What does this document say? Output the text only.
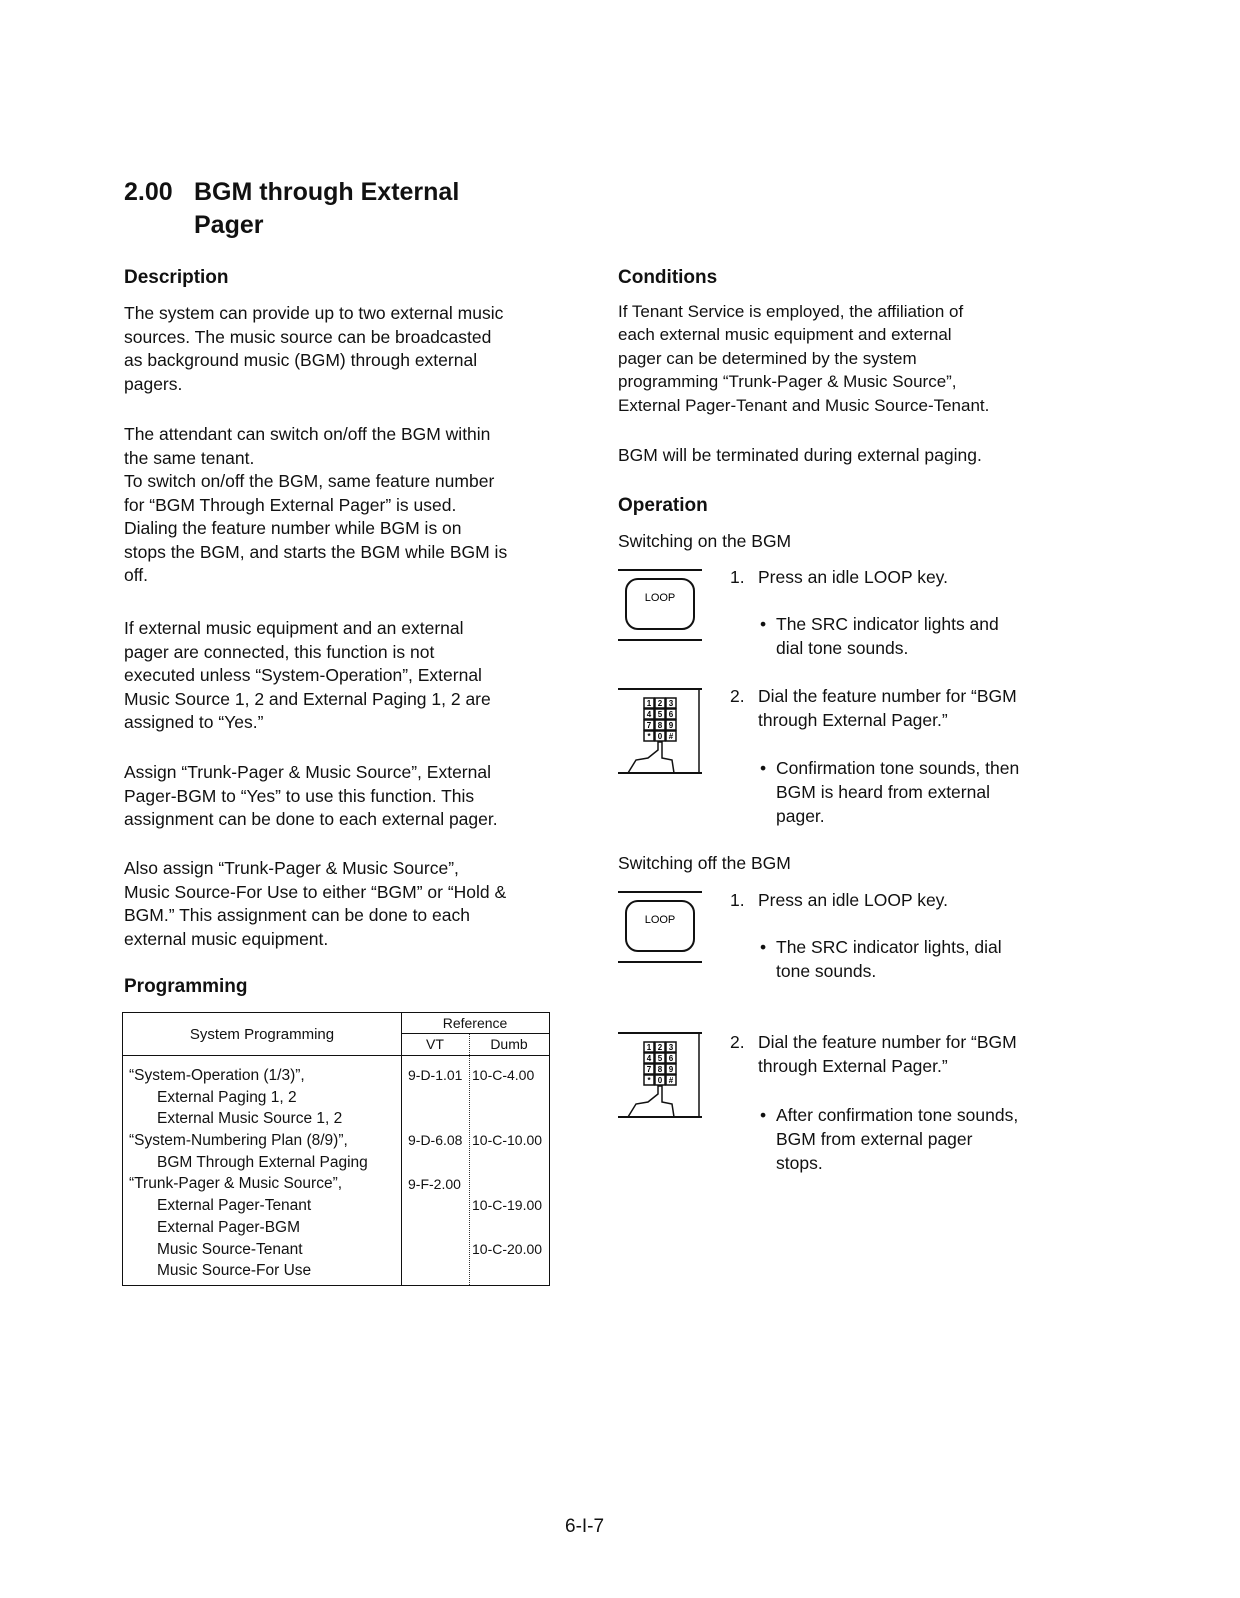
2.00 BGM through External
Pager
Description
The system can provide up to two external music
sources. The music source can be broadcasted
as background music (BGM) through external
pagers.
The attendant can switch on/off the BGM within
the same tenant.
To switch on/off the BGM, same feature number
for “BGM Through External Pager” is used.
Dialing the feature number while BGM is on
stops the BGM, and starts the BGM while BGM is
off.
If external music equipment and an external
pager are connected, this function is not
executed unless “System-Operation”, External
Music Source 1, 2 and External Paging 1, 2 are
assigned to “Yes.”
Assign “Trunk-Pager & Music Source”, External
Pager-BGM to “Yes” to use this function. This
assignment can be done to each external pager.
Also assign “Trunk-Pager & Music Source”,
Music Source-For Use to either “BGM” or “Hold &
BGM.” This assignment can be done to each
external music equipment.
Programming
System Programming
Reference
VT	Dumb
“System-Operation (1/3)”,
External Paging 1, 2
External Music Source 1, 2
“System-Numbering Plan (8/9)”,
BGM Through External Paging
“Trunk-Pager & Music Source”,
External Pager-Tenant
External Pager-BGM
Music Source-Tenant
Music Source-For Use
9-D-1.01 10-C-4.00
9-D-6.08 10-C-10.00
9-F-2.00
10-C-19.00
10-C-20.00
Conditions
If Tenant Service is employed, the affiliation of
each external music equipment and external
pager can be determined by the system
programming “Trunk-Pager & Music Source”,
External Pager-Tenant and Music Source-Tenant.
BGM will be terminated during external paging.
Operation
Switching on the BGM
LOOP
1. Press an idle LOOP key.
• The SRC indicator lights and
dial tone sounds.
1 2 3
4 5 6
7 8 9
* 0 #
2. Dial the feature number for “BGM
through External Pager.”
• Confirmation tone sounds, then
BGM is heard from external
pager.
Switching off the BGM
LOOP
1. Press an idle LOOP key.
• The SRC indicator lights, dial
tone sounds.
1 2 3
4 5 6
7 8 9
* 0 #
2. Dial the feature number for “BGM
through External Pager.”
• After confirmation tone sounds,
BGM from external pager
stops.
6-I-7
